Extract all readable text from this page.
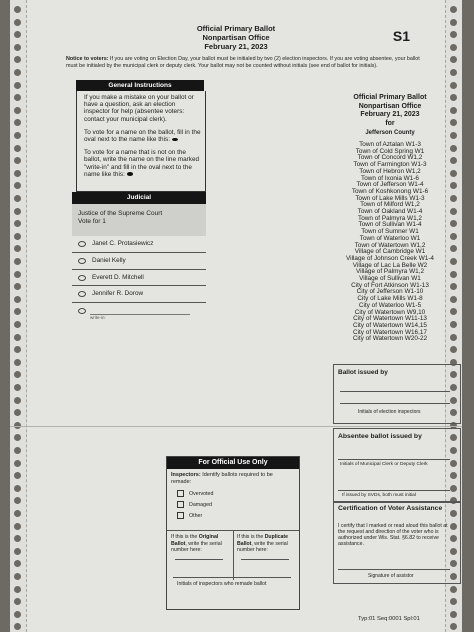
Official Primary Ballot
Nonpartisan Office
February 21, 2023
S1
Notice to voters: If you are voting on Election Day, your ballot must be initialed by two (2) election inspectors. If you are voting absentee, your ballot must be initialed by the municipal clerk or deputy clerk. Your ballot may not be counted without initials (see end of ballot for initials).
General Instructions

If you make a mistake on your ballot or have a question, ask an election inspector for help (absentee voters: contact your municipal clerk).

To vote for a name on the ballot, fill in the oval next to the name like this:

To vote for a name that is not on the ballot, write the name on the line marked "write-in" and fill in the oval next to the name like this:

Judicial
Justice of the Supreme Court
Vote for 1
Janet C. Protasiewicz
Daniel Kelly
Everett D. Mitchell
Jennifer R. Dorow
write-in:
Official Primary Ballot
Nonpartisan Office
February 21, 2023
for
Jefferson County
Town of Aztalan W1-3
Town of Cold Spring W1
Town of Concord W1,2
Town of Farmington W1-3
Town of Hebron W1,2
Town of Ixonia W1-6
Town of Jefferson W1-4
Town of Koshkonong W1-6
Town of Lake Mills W1-3
Town of Milford W1,2
Town of Oakland W1-4
Town of Palmyra W1,2
Town of Sullivan W1-4
Town of Sumner W1
Town of Waterloo W1
Town of Watertown W1,2
Village of Cambridge W1
Village of Johnson Creek W1-4
Village of Lac La Belle W2
Village of Palmyra W1,2
Village of Sullivan W1
City of Fort Atkinson W1-13
City of Jefferson W1-10
City of Lake Mills W1-8
City of Waterloo W1-5
City of Watertown W9,10
City of Watertown W11-13
City of Watertown W14,15
City of Watertown W16,17
City of Watertown W20-22
Ballot issued by
Initials of election inspectors
Absentee ballot issued by
Initials of Municipal Clerk or Deputy Clerk
If issued by SVDs, both must initial
Certification of Voter Assistance
I certify that I marked or read aloud this ballot at the request and direction of the voter who is authorized under Wis. Stat. §6.82 to receive assistance.
Signature of assistor
Typ:01 Seq:0001 Spl:01
For Official Use Only
Inspectors: Identify ballots required to be remade:
Overvoted
Damaged
Other
If this is the Original Ballot, write the serial number here:
If this is the Duplicate Ballot, write the serial number here:
Initials of inspectors who remade ballot
